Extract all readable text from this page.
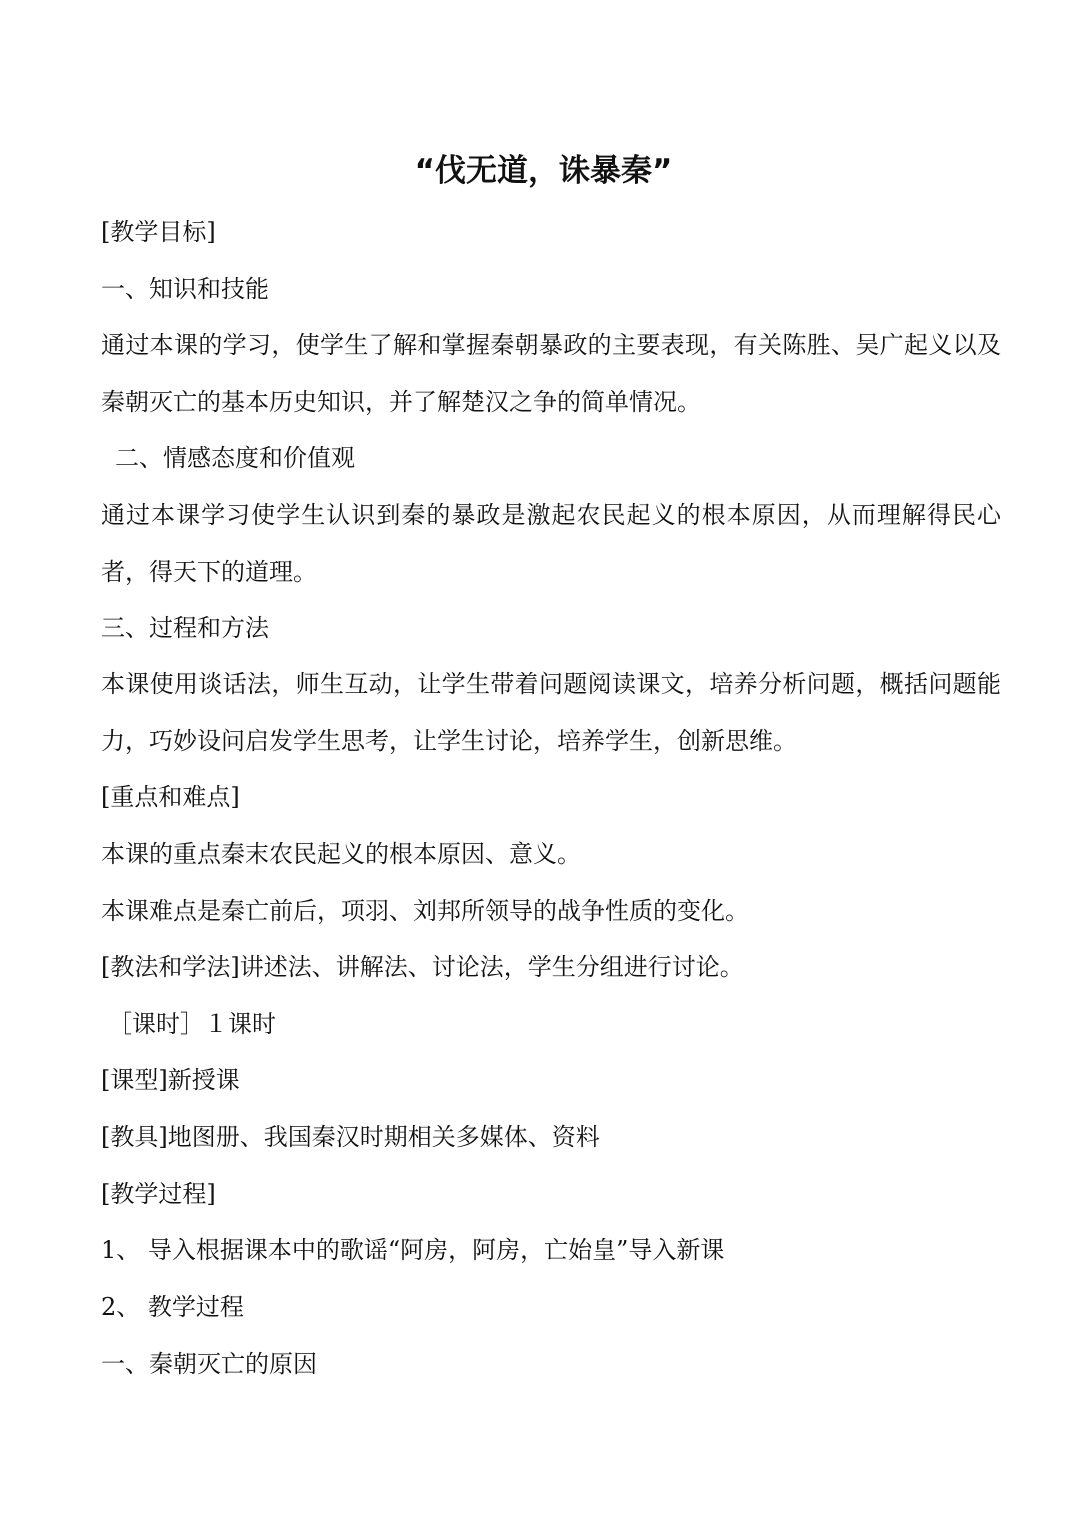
“伐无道，诛暴秦”
[教学目标]
一、知识和技能
通过本课的学习，使学生了解和掌握秦朝暴政的主要表现，有关陈胜、吴广起义以及秦朝灭亡的基本历史知识，并了解楚汉之争的简单情况。
二、情感态度和价值观
通过本课学习使学生认识到秦的暴政是激起农民起义的根本原因，从而理解得民心者，得天下的道理。
三、过程和方法
本课使用谈话法，师生互动，让学生带着问题阅读课文，培养分析问题，概括问题能力，巧妙设问启发学生思考，让学生讨论，培养学生，创新思维。
[重点和难点]
本课的重点秦末农民起义的根本原因、意义。
本课难点是秦亡前后，项羽、刘邦所领导的战争性质的变化。
[教法和学法]讲述法、讲解法、讨论法，学生分组进行讨论。
［课时］１课时
[课型]新授课
[教具]地图册、我国秦汉时期相关多媒体、资料
[教学过程]
1、 导入根据课本中的歌谣“阿房，阿房，亡始皇”导入新课
2、 教学过程
一、秦朝灭亡的原因
